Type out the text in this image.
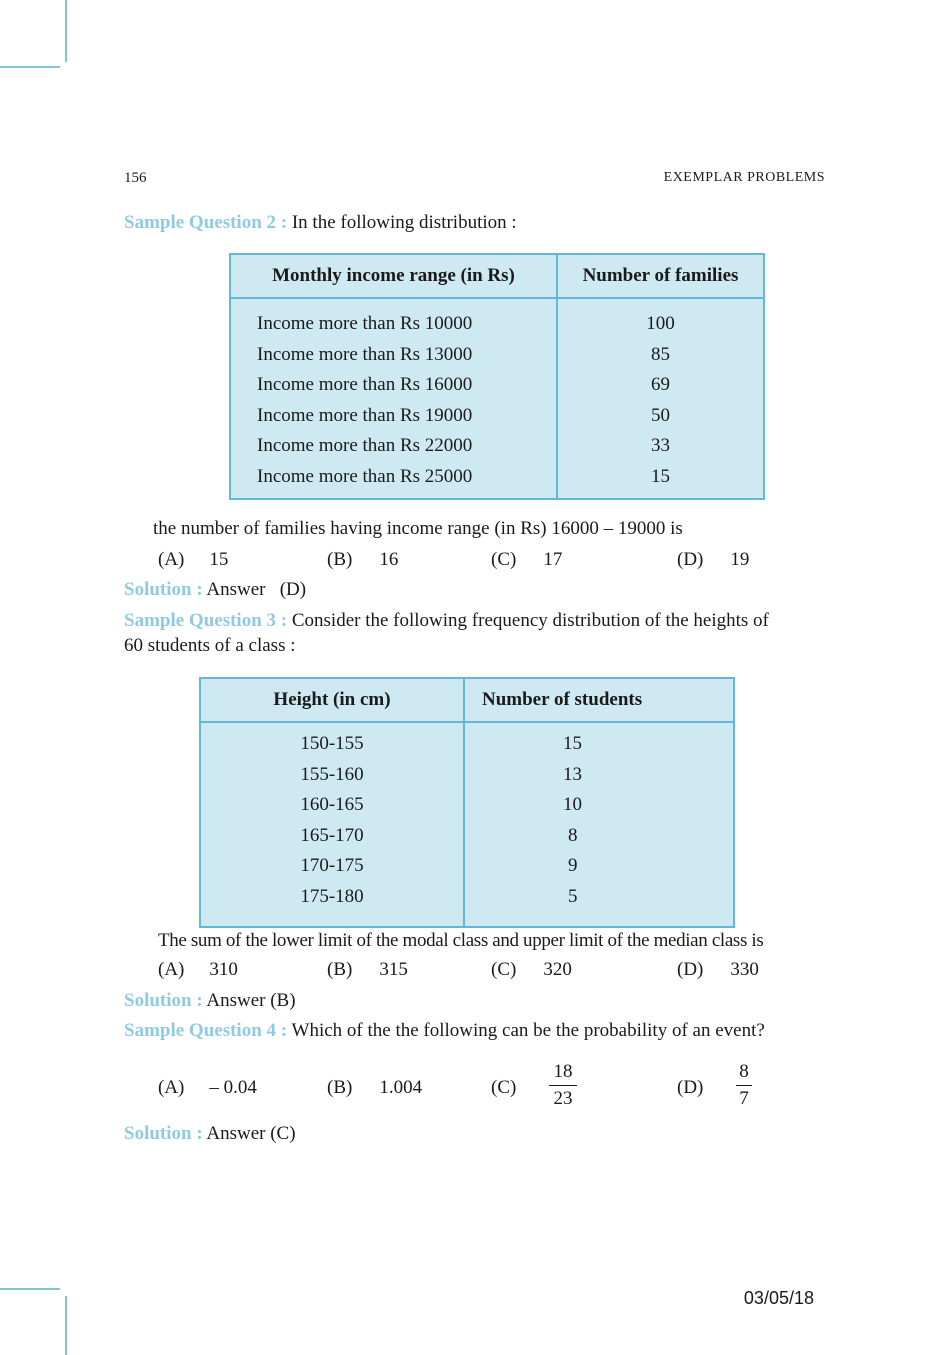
156	EXEMPLAR PROBLEMS
Sample Question 2 : In the following distribution :
Monthly income range (in Rs)	Number of families
Income more than Rs 10000	100
Income more than Rs 13000	85
Income more than Rs 16000	69
Income more than Rs 19000	50
Income more than Rs 22000	33
Income more than Rs 25000	15
the number of families having income range (in Rs) 16000 – 19000 is
(A) 15	(B) 16	(C) 17	(D) 19
Solution : Answer   (D)
Sample Question 3 : Consider the following frequency distribution of the heights of
60 students of a class :
Height (in cm)	Number of students
150-155	15
155-160	13
160-165	10
165-170	8
170-175	9
175-180	5
The sum of the lower limit of the modal class and upper limit of the median class is
(A) 310	(B) 315	(C) 320	(D) 330
Solution : Answer (B)
Sample Question 4 : Which of the the following can be the probability of an event?
(A) – 0.04	(B) 1.004	$(C) \frac{18}{23}$	$(D) \frac{8}{7}$
Solution : Answer (C)
03/05/18
